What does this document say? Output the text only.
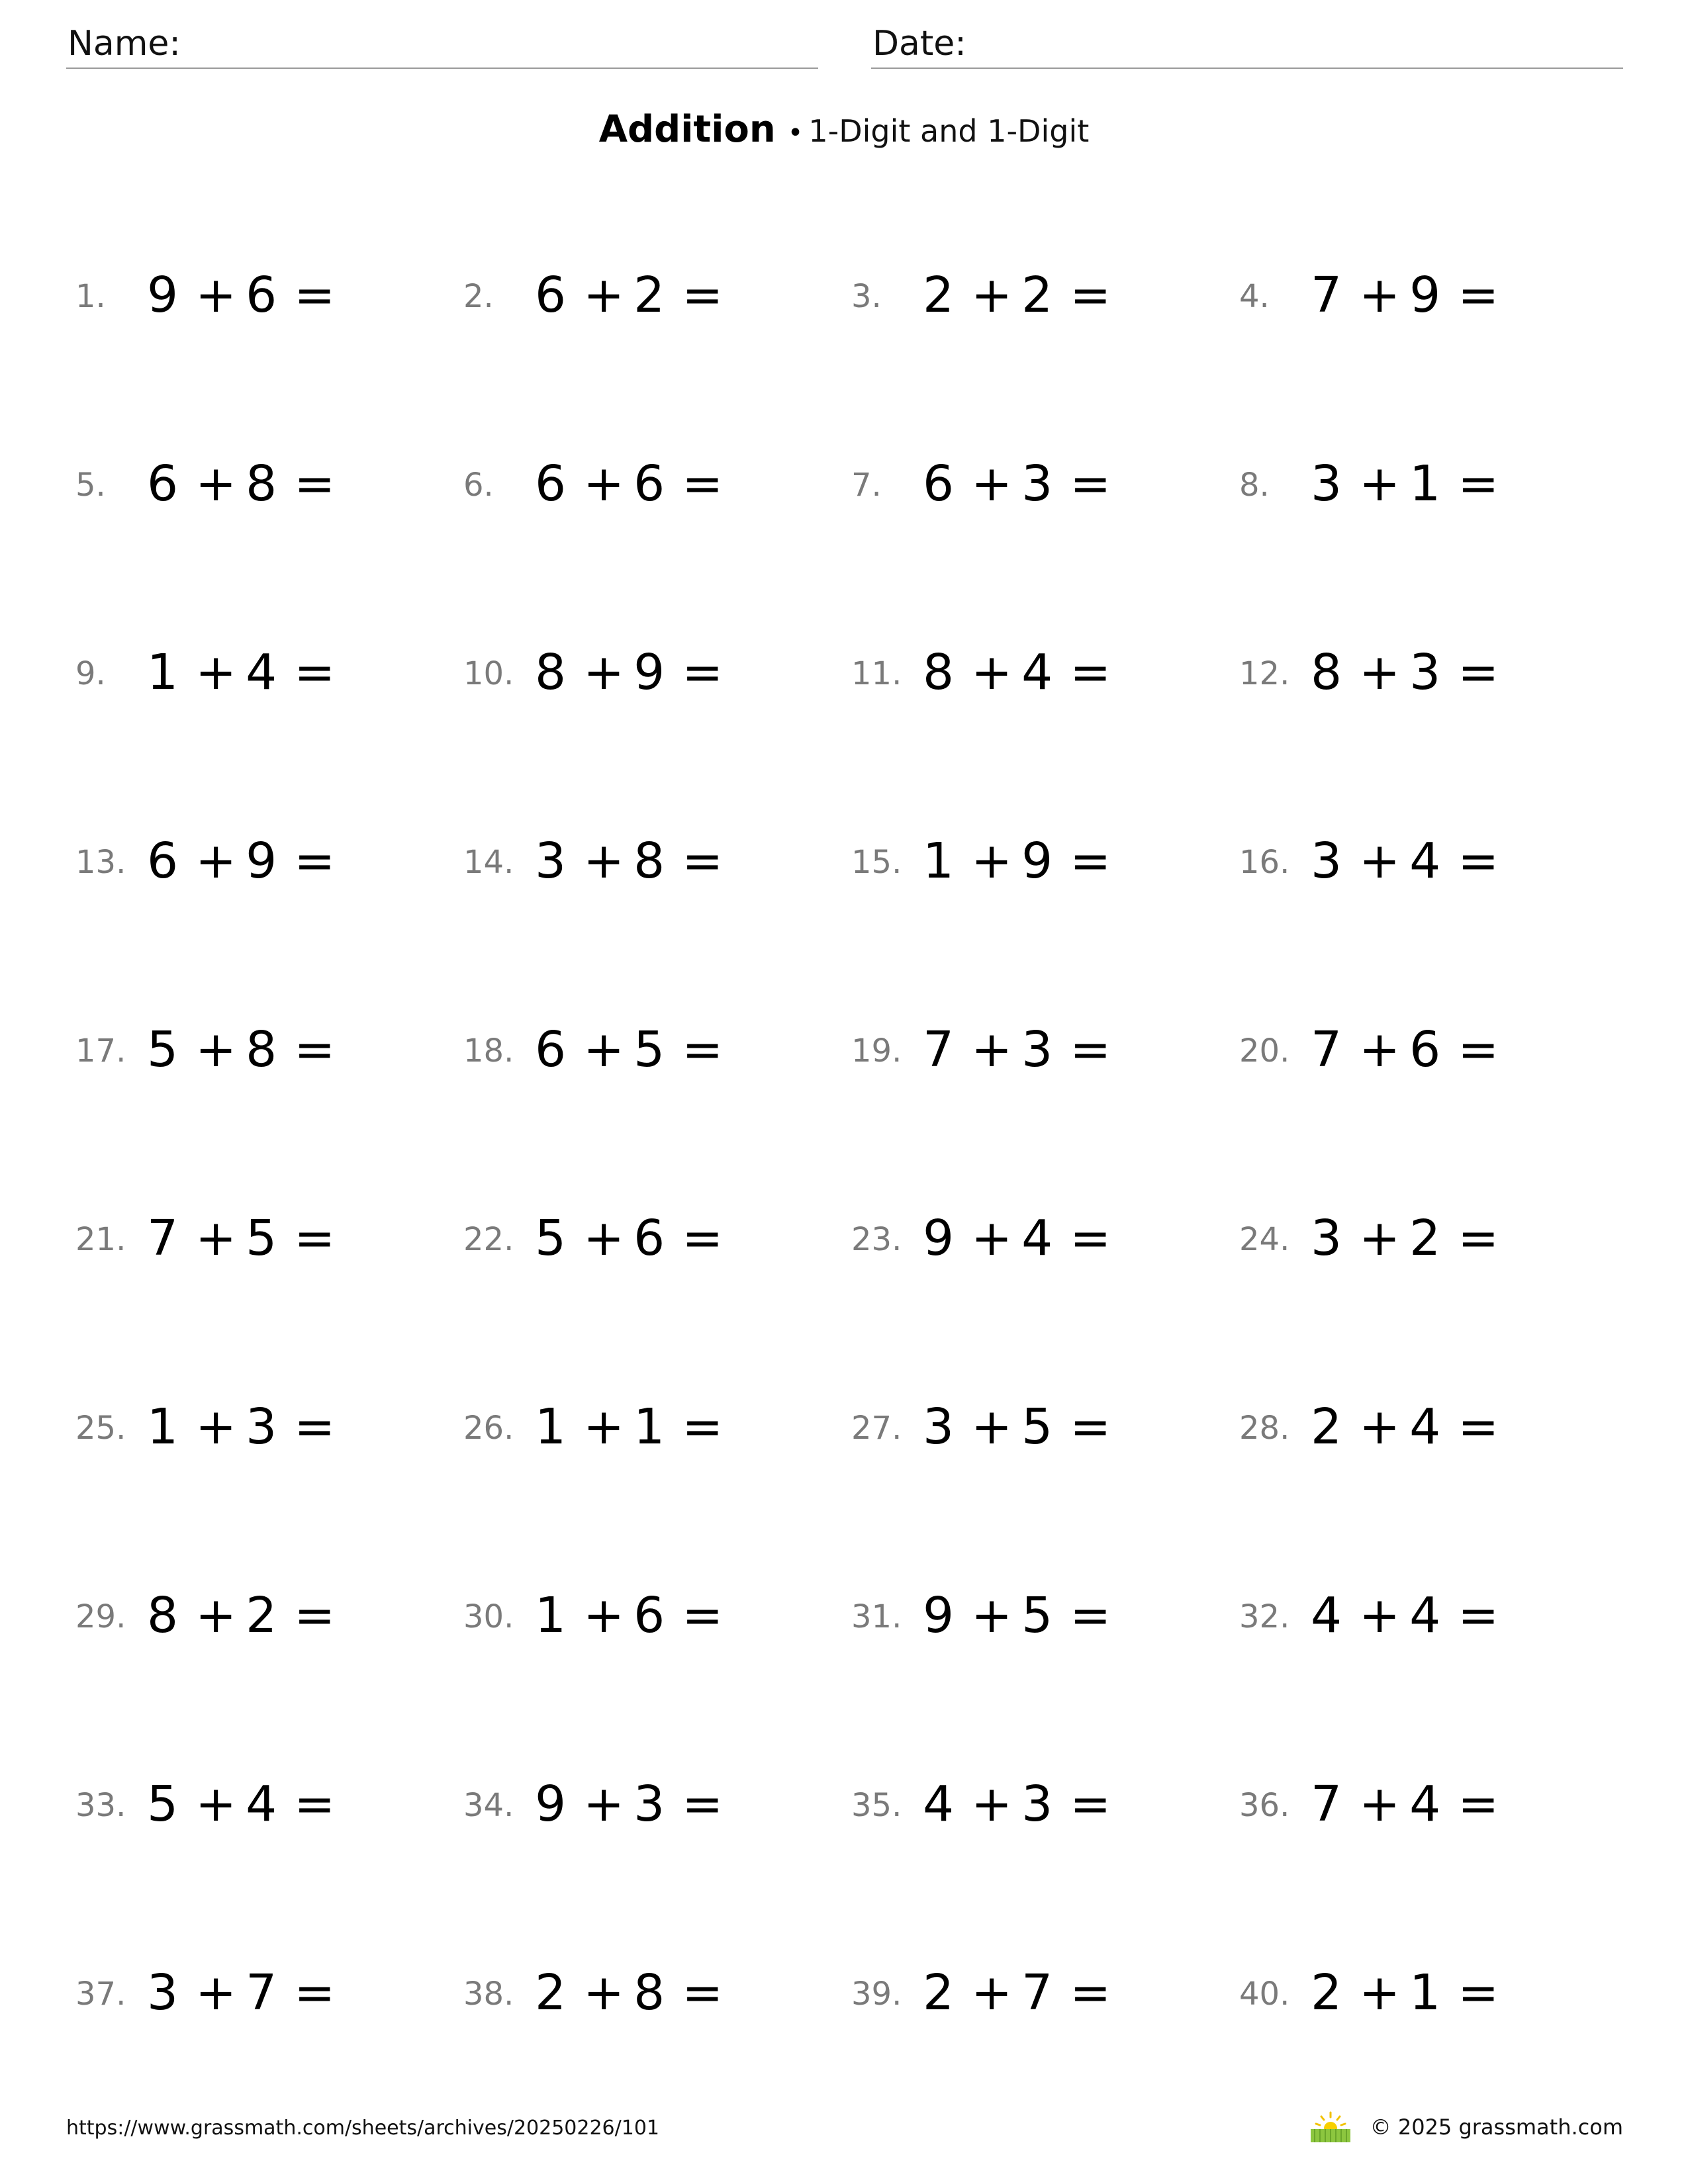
Name:	Date:
Addition • 1-Digit and 1-Digit
1. 9 + 6 =	2. 6 + 2 =	3. 2 + 2 =	4. 7 + 9 =
5. 6 + 8 =	6. 6 + 6 =	7. 6 + 3 =	8. 3 + 1 =
9. 1 + 4 =	10. 8 + 9 =	11. 8 + 4 =	12. 8 + 3 =
13. 6 + 9 =	14. 3 + 8 =	15. 1 + 9 =	16. 3 + 4 =
17. 5 + 8 =	18. 6 + 5 =	19. 7 + 3 =	20. 7 + 6 =
21. 7 + 5 =	22. 5 + 6 =	23. 9 + 4 =	24. 3 + 2 =
25. 1 + 3 =	26. 1 + 1 =	27. 3 + 5 =	28. 2 + 4 =
29. 8 + 2 =	30. 1 + 6 =	31. 9 + 5 =	32. 4 + 4 =
33. 5 + 4 =	34. 9 + 3 =	35. 4 + 3 =	36. 7 + 4 =
37. 3 + 7 =	38. 2 + 8 =	39. 2 + 7 =	40. 2 + 1 =
https://www.grassmath.com/sheets/archives/20250226/101	© 2025 grassmath.com
